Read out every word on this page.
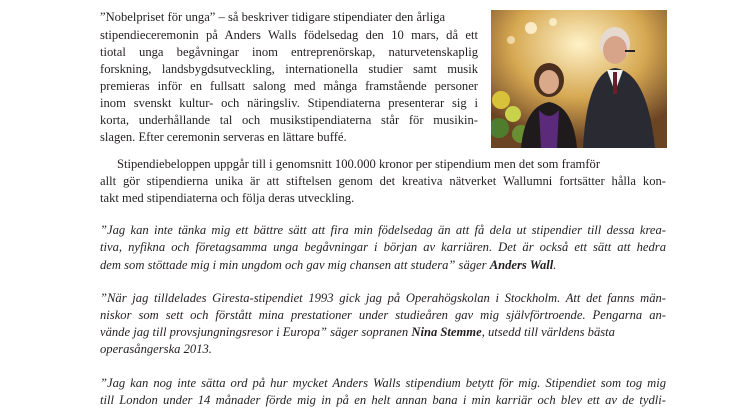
”Nobelpriset för unga” – så beskriver tidigare stipendiater den årliga
stipendieceremonin på Anders Walls födelsedag den 10 mars, då ett
tiotal unga begåvningar inom entreprenörskap, naturvetenskaplig
forskning, landsbygdsutveckling, internationella studier samt musik
premieras inför en fullsatt salong med många framstående personer
inom svenskt kultur- och näringsliv. Stipendiaterna presenterar sig i
korta, underhållande tal och musikstipendiaterna står för musikin-
slagen. Efter ceremonin serveras en lättare buffé.
Stipendiebeloppen uppgår till i genomsnitt 100.000 kronor per stipendium men det som framför
allt gör stipendierna unika är att stiftelsen genom det kreativa nätverket Wallumni fortsätter hålla kon-
takt med stipendiaterna och följa deras utveckling.
”Jag kan inte tänka mig ett bättre sätt att fira min födelsedag än att få dela ut stipendier till dessa krea-
tiva, nyfikna och företagsamma unga begåvningar i början av karriären. Det är också ett sätt att hedra
dem som stöttade mig i min ungdom och gav mig chansen att studera” säger Anders Wall.
”När jag tilldelades Giresta-stipendiet 1993 gick jag på Operahögskolan i Stockholm. Att det fanns män-
niskor som sett och förstått mina prestationer under studieåren gav mig självförtroende. Pengarna an-
vände jag till provsjungningsresor i Europa” säger sopranen Nina Stemme, utsedd till världens bästa
operasångerska 2013.
”Jag kan nog inte sätta ord på hur mycket Anders Walls stipendium betytt för mig. Stipendiet som tog mig
till London under 14 månader förde mig in på en helt annan bana i min karriär och blev ett av de tydli-
